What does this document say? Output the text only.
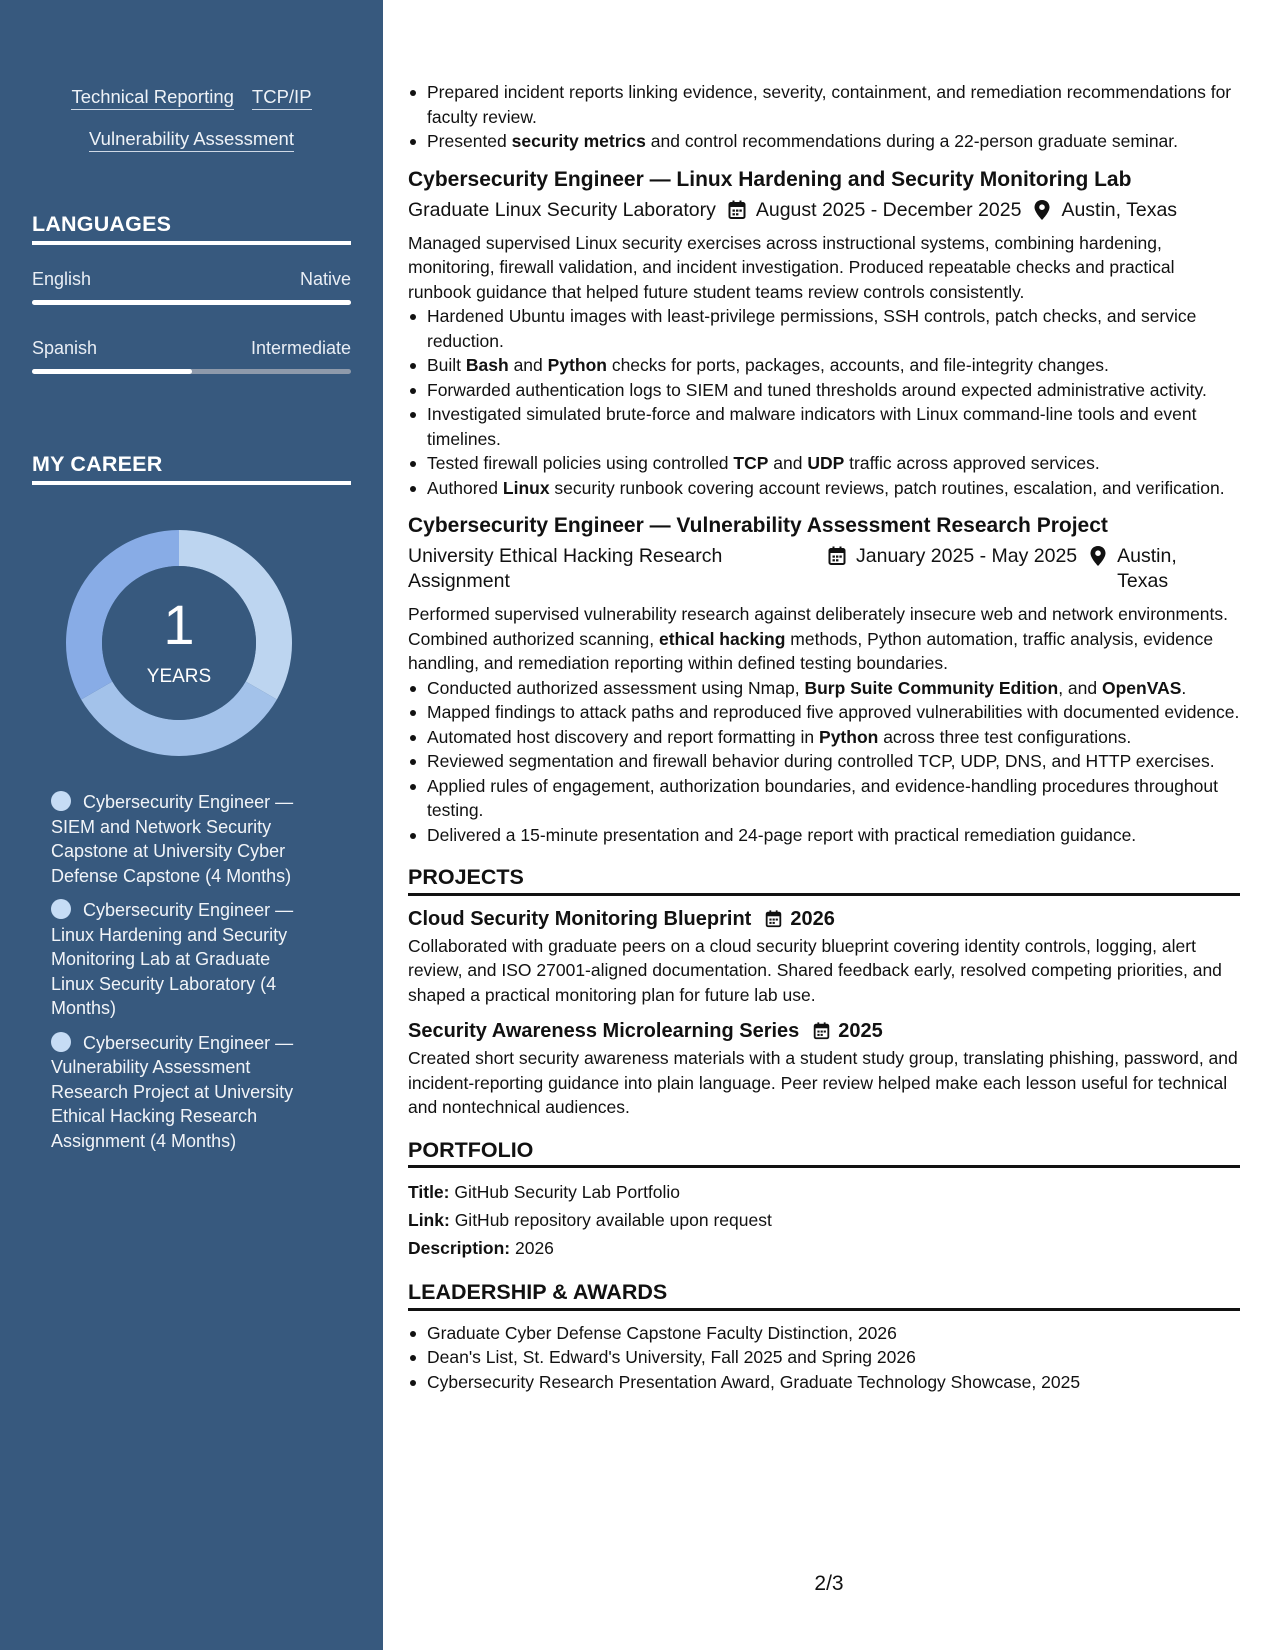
Technical Reporting TCP/IP
Vulnerability Assessment
LANGUAGES
English	Native
Spanish	Intermediate
MY CAREER
1
YEARS
Cybersecurity Engineer — SIEM and Network Security Capstone at University Cyber Defense Capstone (4 Months)
Cybersecurity Engineer — Linux Hardening and Security Monitoring Lab at Graduate Linux Security Laboratory (4 Months)
Cybersecurity Engineer — Vulnerability Assessment Research Project at University Ethical Hacking Research Assignment (4 Months)
Prepared incident reports linking evidence, severity, containment, and remediation recommendations for faculty review.
Presented security metrics and control recommendations during a 22-person graduate seminar.
Cybersecurity Engineer — Linux Hardening and Security Monitoring Lab
Graduate Linux Security Laboratory August 2025 - December 2025 Austin, Texas

Managed supervised Linux security exercises across instructional systems, combining hardening, monitoring, firewall validation, and incident investigation. Produced repeatable checks and practical runbook guidance that helped future student teams review controls consistently.

Hardened Ubuntu images with least-privilege permissions, SSH controls, patch checks, and service reduction.
Built Bash and Python checks for ports, packages, accounts, and file-integrity changes.
Forwarded authentication logs to SIEM and tuned thresholds around expected administrative activity.
Investigated simulated brute-force and malware indicators with Linux command-line tools and event timelines.
Tested firewall policies using controlled TCP and UDP traffic across approved services.
Authored Linux security runbook covering account reviews, patch routines, escalation, and verification.
Cybersecurity Engineer — Vulnerability Assessment Research Project
University Ethical Hacking Research Assignment
January 2025 - May 2025 Austin, Texas

Performed supervised vulnerability research against deliberately insecure web and network environments. Combined authorized scanning, ethical hacking methods, Python automation, traffic analysis, evidence handling, and remediation reporting within defined testing boundaries.

Conducted authorized assessment using Nmap, Burp Suite Community Edition, and OpenVAS.
Mapped findings to attack paths and reproduced five approved vulnerabilities with documented evidence.
Automated host discovery and report formatting in Python across three test configurations.
Reviewed segmentation and firewall behavior during controlled TCP, UDP, DNS, and HTTP exercises.
Applied rules of engagement, authorization boundaries, and evidence-handling procedures throughout testing.
Delivered a 15-minute presentation and 24-page report with practical remediation guidance.
PROJECTS
Cloud Security Monitoring Blueprint 2026

Collaborated with graduate peers on a cloud security blueprint covering identity controls, logging, alert review, and ISO 27001-aligned documentation. Shared feedback early, resolved competing priorities, and shaped a practical monitoring plan for future lab use.

Security Awareness Microlearning Series 2025

Created short security awareness materials with a student study group, translating phishing, password, and incident-reporting guidance into plain language. Peer review helped make each lesson useful for technical and nontechnical audiences.

PORTFOLIO
Title: GitHub Security Lab Portfolio
Link: GitHub repository available upon request
Description: 2026
LEADERSHIP & AWARDS
Graduate Cyber Defense Capstone Faculty Distinction, 2026
Dean's List, St. Edward's University, Fall 2025 and Spring 2026
Cybersecurity Research Presentation Award, Graduate Technology Showcase, 2025
2/3
